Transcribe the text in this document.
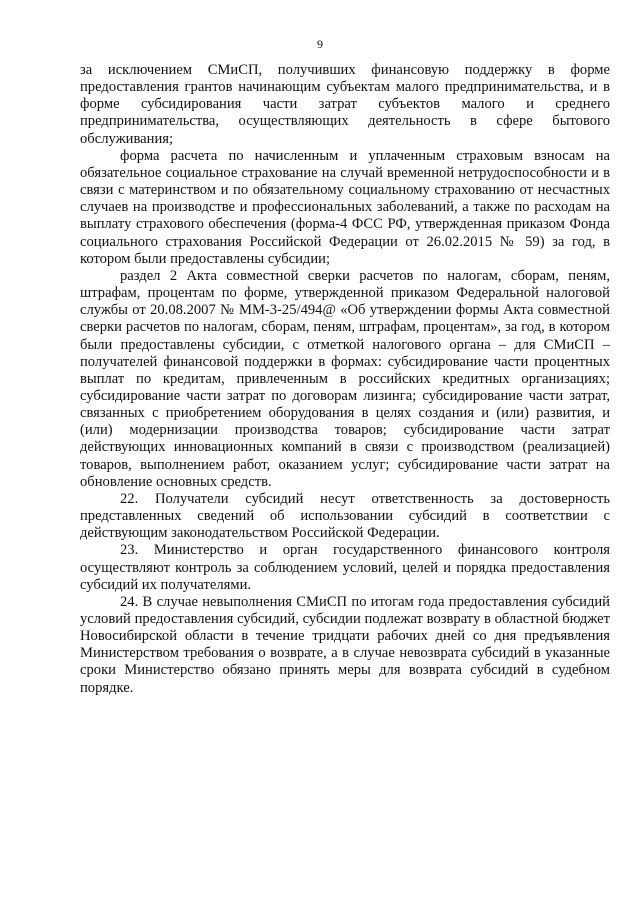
9

за исключением СМиСП, получивших финансовую поддержку в форме предоставления грантов начинающим субъектам малого предпринимательства, и в форме субсидирования части затрат субъектов малого и среднего предпринимательства, осуществляющих деятельность в сфере бытового обслуживания;

форма расчета по начисленным и уплаченным страховым взносам на обязательное социальное страхование на случай временной нетрудоспособности и в связи с материнством и по обязательному социальному страхованию от несчастных случаев на производстве и профессиональных заболеваний, а также по расходам на выплату страхового обеспечения (форма-4 ФСС РФ, утвержденная приказом Фонда социального страхования Российской Федерации от 26.02.2015 № 59) за год, в котором были предоставлены субсидии;

раздел 2 Акта совместной сверки расчетов по налогам, сборам, пеням, штрафам, процентам по форме, утвержденной приказом Федеральной налоговой службы от 20.08.2007 № ММ-3-25/494@ «Об утверждении формы Акта совместной сверки расчетов по налогам, сборам, пеням, штрафам, процентам», за год, в котором были предоставлены субсидии, с отметкой налогового органа – для СМиСП – получателей финансовой поддержки в формах: субсидирование части процентных выплат по кредитам, привлеченным в российских кредитных организациях; субсидирование части затрат по договорам лизинга; субсидирование части затрат, связанных с приобретением оборудования в целях создания и (или) развития, и (или) модернизации производства товаров; субсидирование части затрат действующих инновационных компаний в связи с производством (реализацией) товаров, выполнением работ, оказанием услуг; субсидирование части затрат на обновление основных средств.

22. Получатели субсидий несут ответственность за достоверность представленных сведений об использовании субсидий в соответствии с действующим законодательством Российской Федерации.

23. Министерство и орган государственного финансового контроля осуществляют контроль за соблюдением условий, целей и порядка предоставления субсидий их получателями.

24. В случае невыполнения СМиСП по итогам года предоставления субсидий условий предоставления субсидий, субсидии подлежат возврату в областной бюджет Новосибирской области в течение тридцати рабочих дней со дня предъявления Министерством требования о возврате, а в случае невозврата субсидий в указанные сроки Министерство обязано принять меры для возврата субсидий в судебном порядке.
